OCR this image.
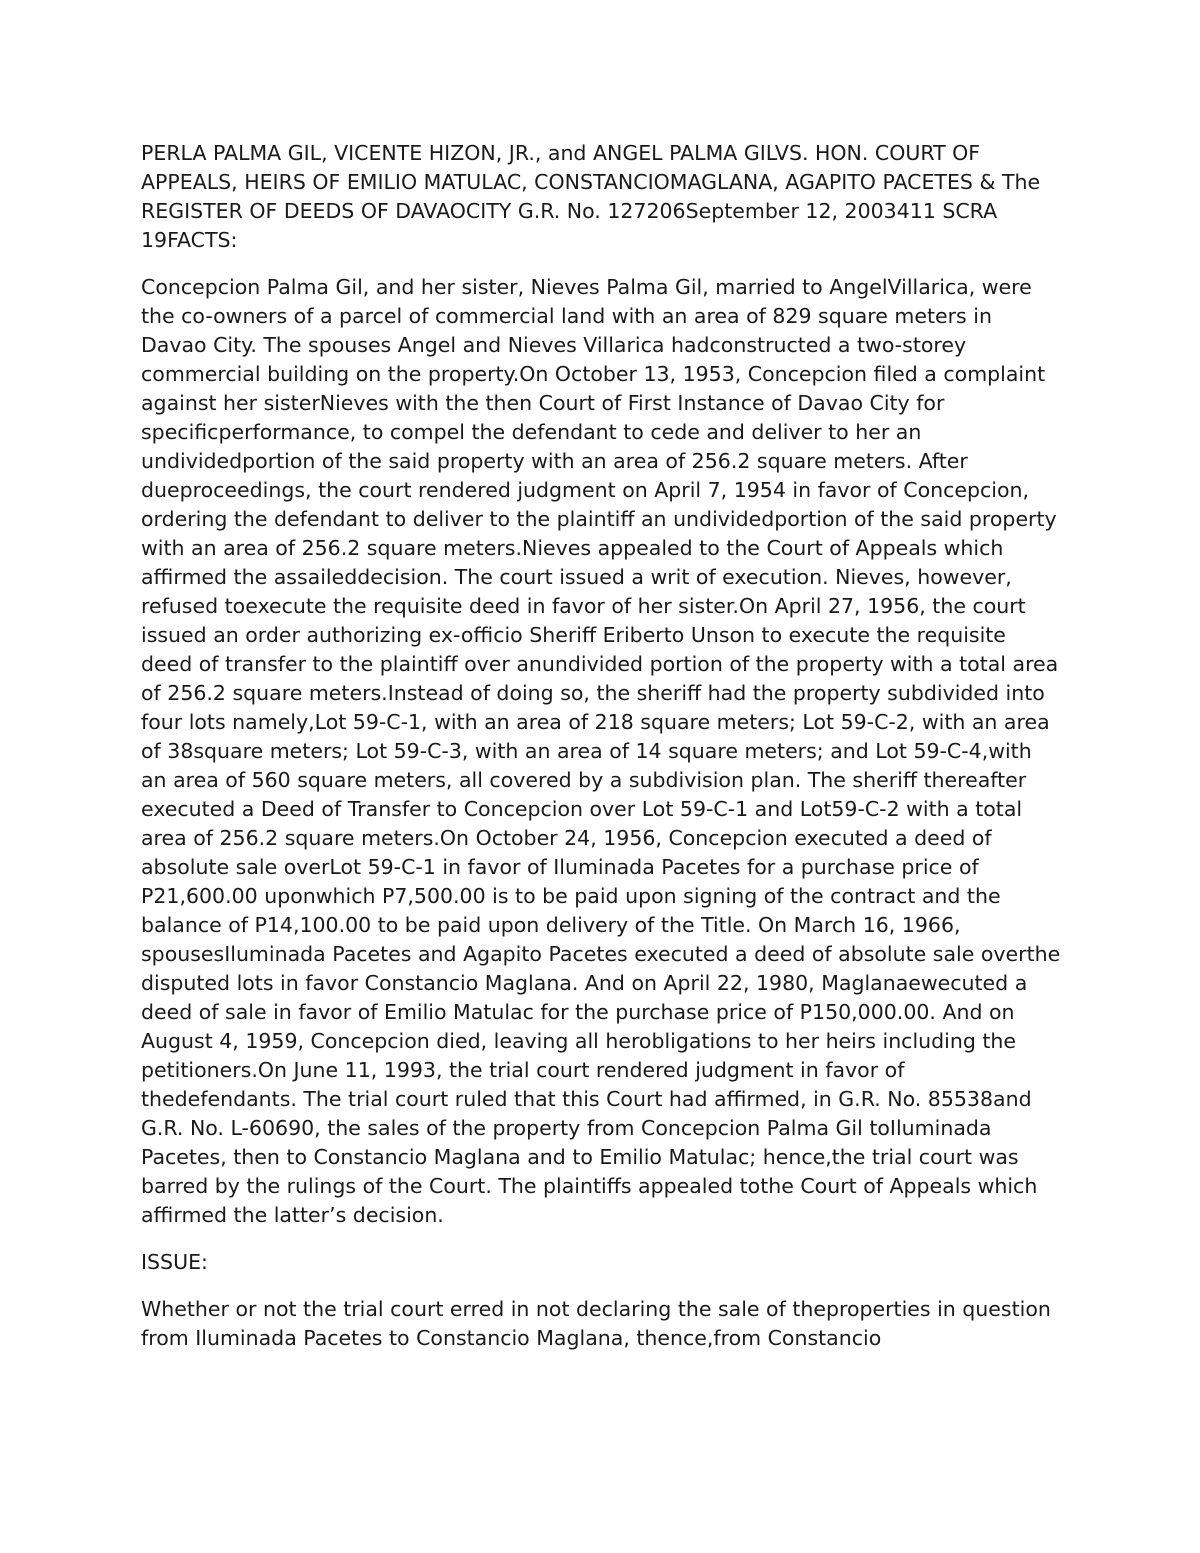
PERLA PALMA GIL, VICENTE HIZON, JR., and ANGEL PALMA GILVS. HON. COURT OF APPEALS, HEIRS OF EMILIO MATULAC, CONSTANCIOMAGLANA, AGAPITO PACETES & The REGISTER OF DEEDS OF DAVAOCITY G.R. No. 127206September 12, 2003411 SCRA 19FACTS:

Concepcion Palma Gil, and her sister, Nieves Palma Gil, married to AngelVillarica, were the co-owners of a parcel of commercial land with an area of 829 square meters in Davao City. The spouses Angel and Nieves Villarica hadconstructed a two-storey commercial building on the property.On October 13, 1953, Concepcion filed a complaint against her sisterNieves with the then Court of First Instance of Davao City for specificperformance, to compel the defendant to cede and deliver to her an undividedportion of the said property with an area of 256.2 square meters. After dueproceedings, the court rendered judgment on April 7, 1954 in favor of Concepcion, ordering the defendant to deliver to the plaintiff an undividedportion of the said property with an area of 256.2 square meters.Nieves appealed to the Court of Appeals which affirmed the assaileddecision. The court issued a writ of execution. Nieves, however, refused toexecute the requisite deed in favor of her sister.On April 27, 1956, the court issued an order authorizing ex-officio Sheriff Eriberto Unson to execute the requisite deed of transfer to the plaintiff over anundivided portion of the property with a total area of 256.2 square meters.Instead of doing so, the sheriff had the property subdivided into four lots namely,Lot 59-C-1, with an area of 218 square meters; Lot 59-C-2, with an area of 38square meters; Lot 59-C-3, with an area of 14 square meters; and Lot 59-C-4,with an area of 560 square meters, all covered by a subdivision plan. The sheriff thereafter executed a Deed of Transfer to Concepcion over Lot 59-C-1 and Lot59-C-2 with a total area of 256.2 square meters.On October 24, 1956, Concepcion executed a deed of absolute sale overLot 59-C-1 in favor of Iluminada Pacetes for a purchase price of P21,600.00 uponwhich P7,500.00 is to be paid upon signing of the contract and the balance of P14,100.00 to be paid upon delivery of the Title. On March 16, 1966, spousesIluminada Pacetes and Agapito Pacetes executed a deed of absolute sale overthe disputed lots in favor Constancio Maglana. And on April 22, 1980, Maglanaewecuted a deed of sale in favor of Emilio Matulac for the purchase price of P150,000.00. And on August 4, 1959, Concepcion died, leaving all herobligations to her heirs including the petitioners.On June 11, 1993, the trial court rendered judgment in favor of thedefendants. The trial court ruled that this Court had affirmed, in G.R. No. 85538and G.R. No. L-60690, the sales of the property from Concepcion Palma Gil toIluminada Pacetes, then to Constancio Maglana and to Emilio Matulac; hence,the trial court was barred by the rulings of the Court. The plaintiffs appealed tothe Court of Appeals which affirmed the latter’s decision.

ISSUE:

Whether or not the trial court erred in not declaring the sale of theproperties in question from Iluminada Pacetes to Constancio Maglana, thence,from Constancio
